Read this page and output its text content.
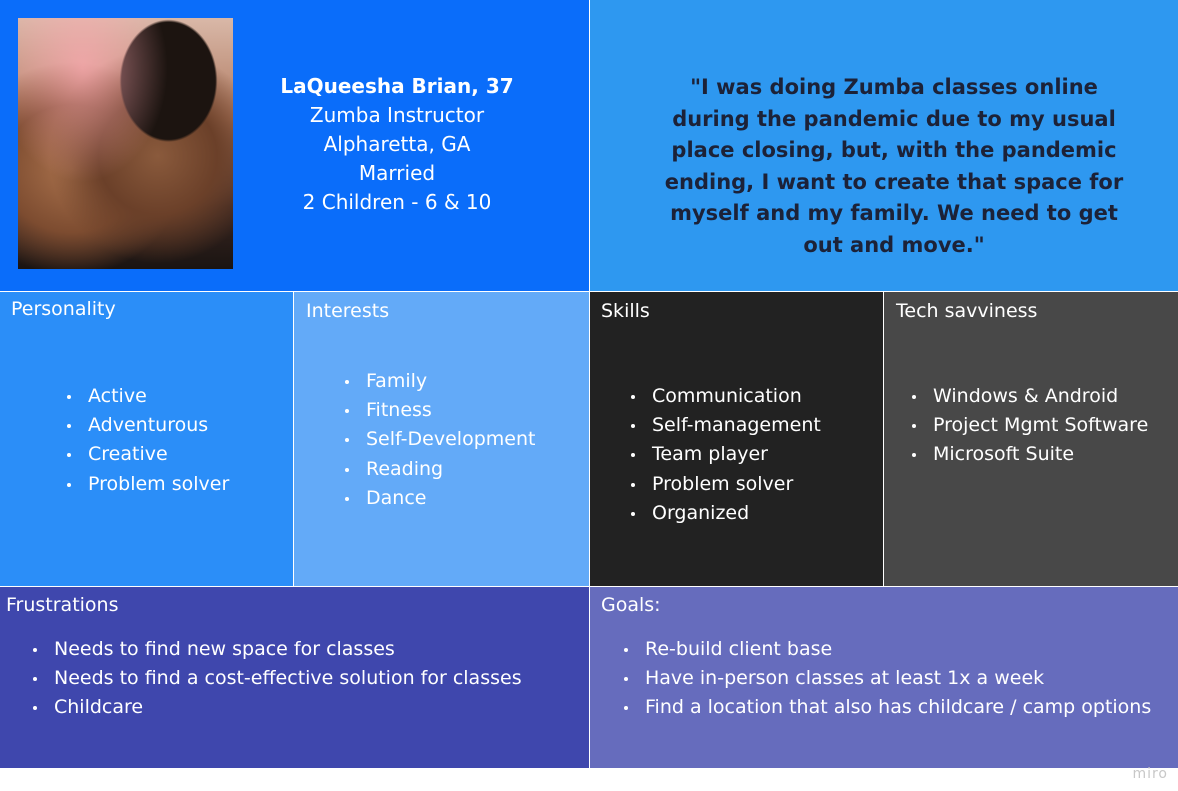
LaQueesha Brian, 37
Zumba Instructor
Alpharetta, GA
Married
2 Children - 6 & 10
"I was doing Zumba classes online during the pandemic due to my usual place closing, but, with the pandemic ending, I want to create that space for myself and my family. We need to get out and move."
Personality
Active
Adventurous
Creative
Problem solver
Interests
Family
Fitness
Self-Development
Reading
Dance
Skills
Communication
Self-management
Team player
Problem solver
Organized
Tech savviness
Windows & Android
Project Mgmt Software
Microsoft Suite
Frustrations
Needs to find new space for classes
Needs to find a cost-effective solution for classes
Childcare
Goals:
Re-build client base
Have in-person classes at least 1x a week
Find a location that also has childcare / camp options
miro
